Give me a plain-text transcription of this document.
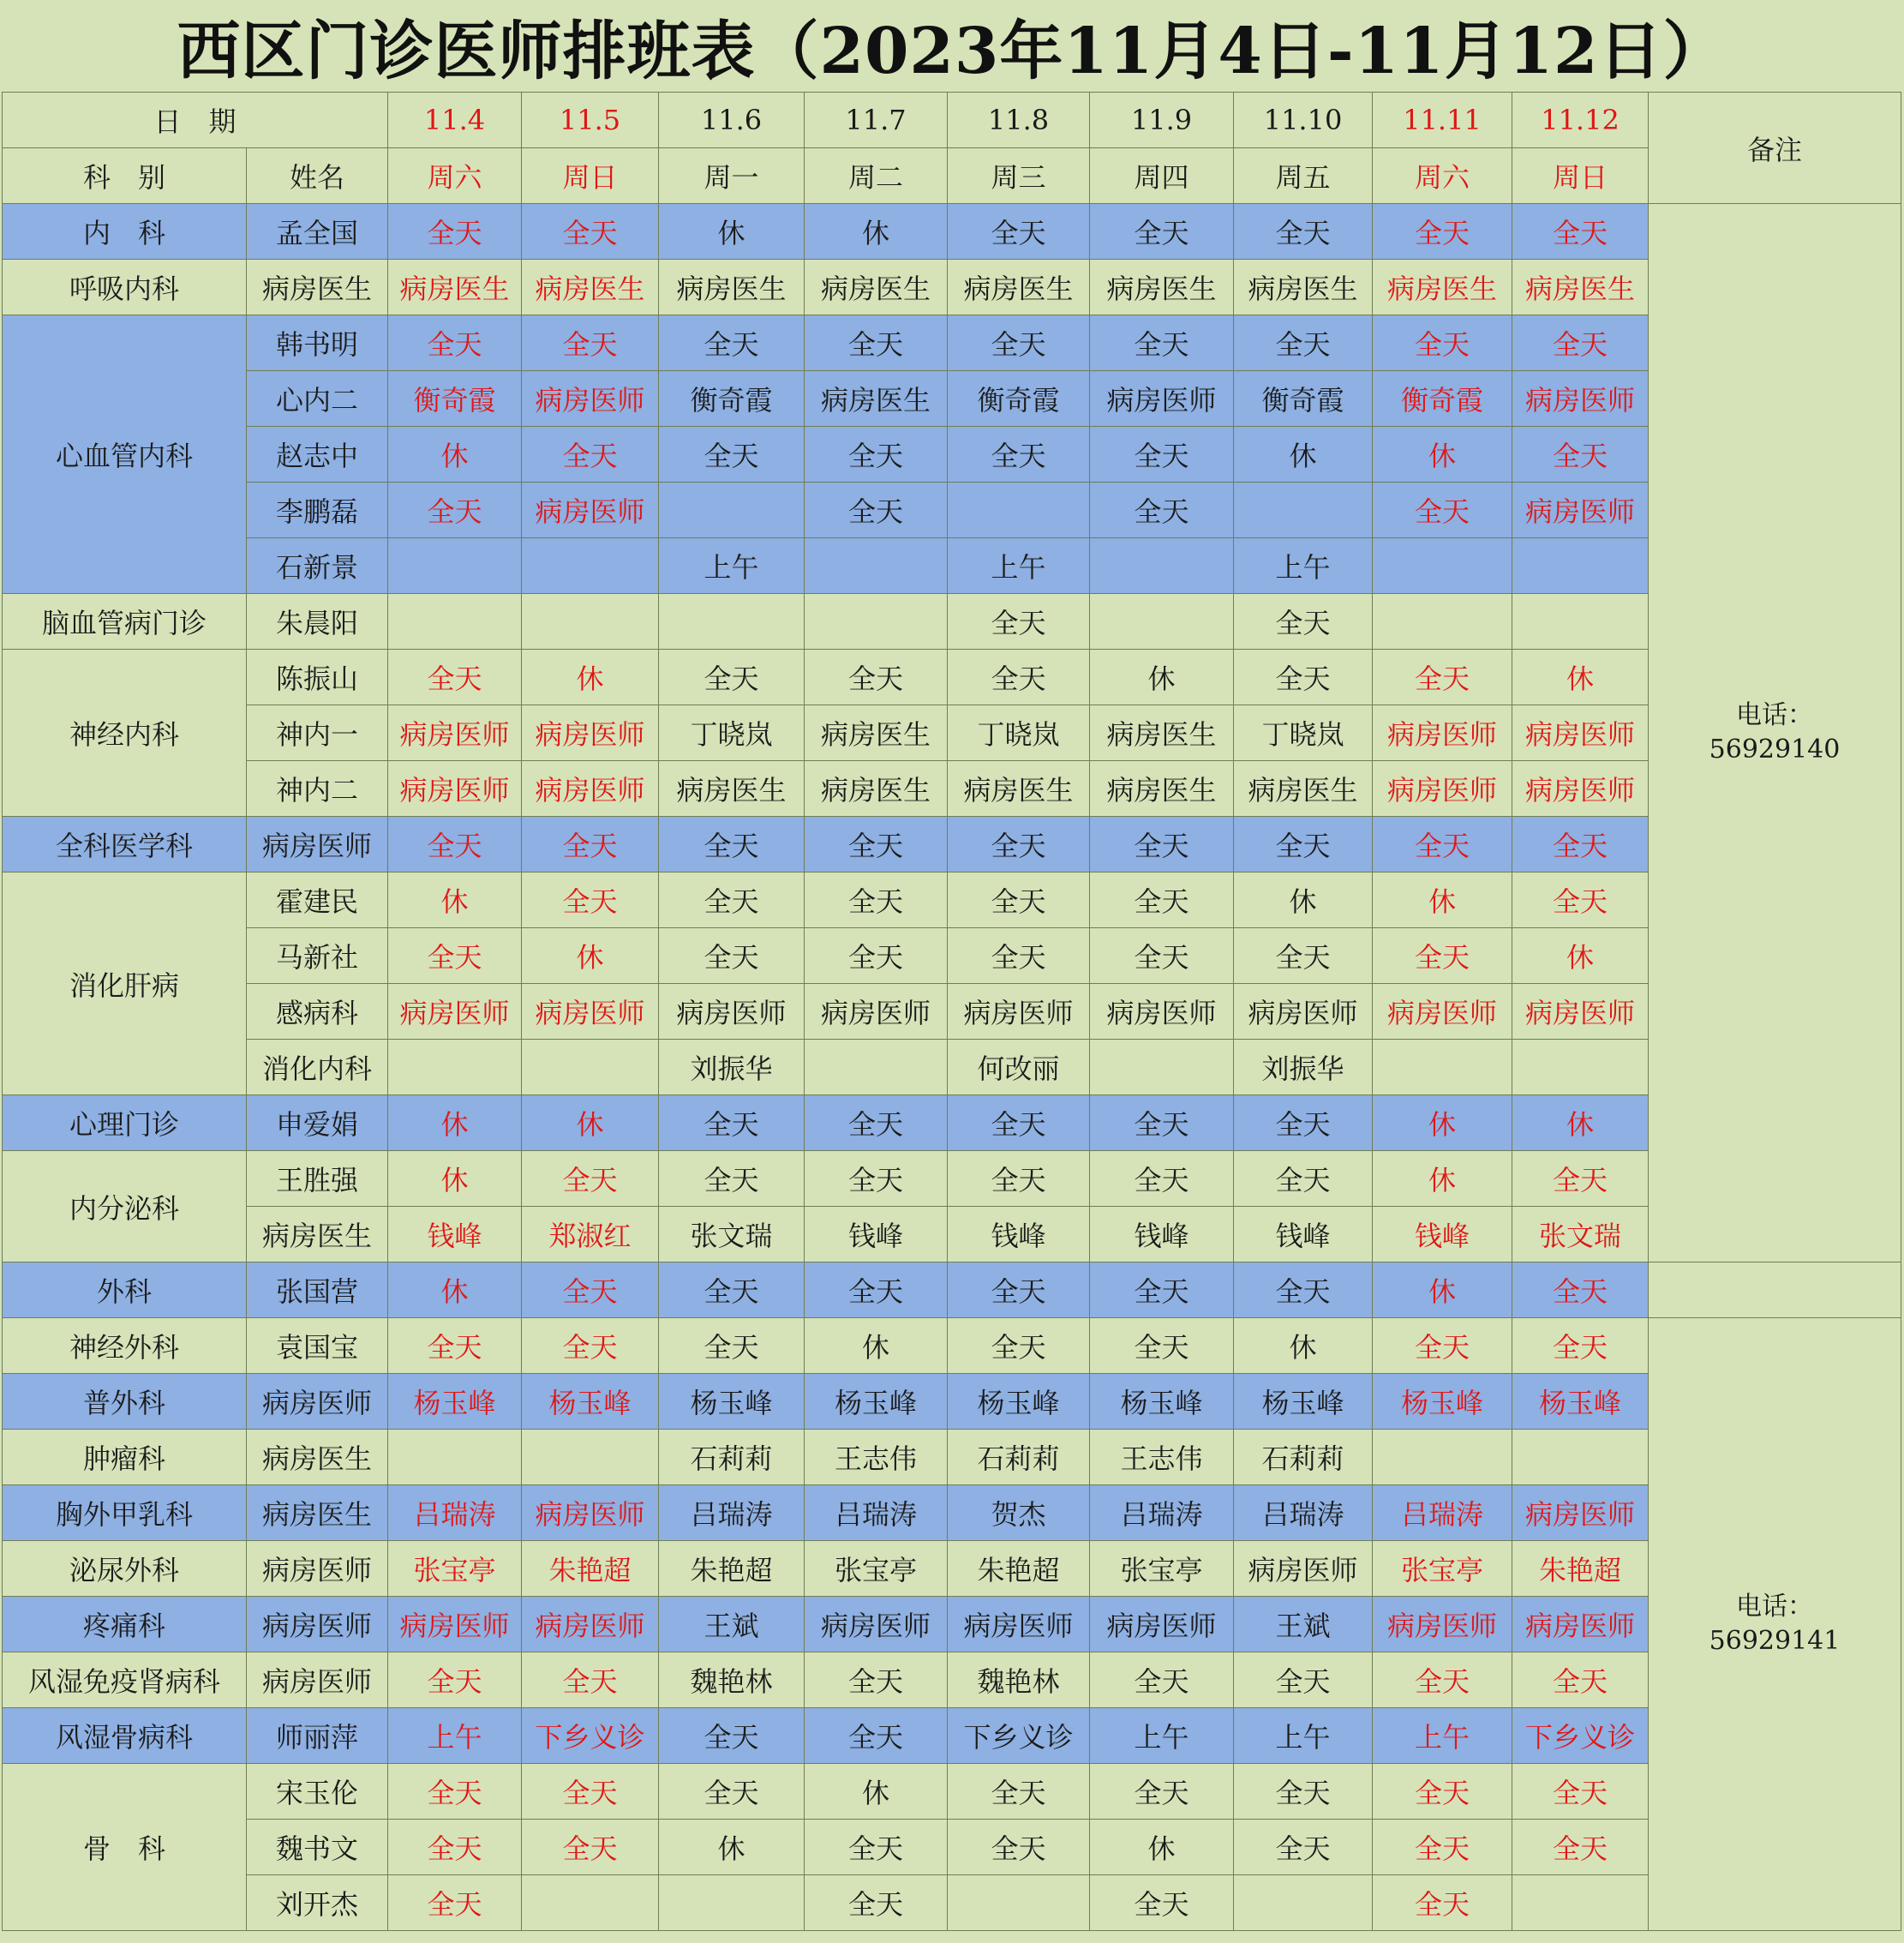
西区门诊医师排班表（2023年11月4日-11月12日）
日　期		11.4	11.5	11.6	11.7	11.8	11.9	11.10	11.11	11.12	备注
科　别	姓名	周六	周日	周一	周二	周三	周四	周五	周六	周日	
内　科	孟全国	全天	全天	休	休	全天	全天	全天	全天	全天	电话：
56929140
呼吸内科	病房医生	病房医生	病房医生	病房医生	病房医生	病房医生	病房医生	病房医生	病房医生	病房医生	
心血管内科	韩书明	全天	全天	全天	全天	全天	全天	全天	全天	全天	
	心内二	衡奇霞	病房医师	衡奇霞	病房医生	衡奇霞	病房医师	衡奇霞	衡奇霞	病房医师	
	赵志中	休	全天	全天	全天	全天	全天	休	休	全天	
	李鹏磊	全天	病房医师		全天		全天		全天	病房医师	
	石新景			上午		上午		上午			
脑血管病门诊	朱晨阳					全天		全天			
神经内科	陈振山	全天	休	全天	全天	全天	休	全天	全天	休	
	神内一	病房医师	病房医师	丁晓岚	病房医生	丁晓岚	病房医生	丁晓岚	病房医师	病房医师	
	神内二	病房医师	病房医师	病房医生	病房医生	病房医生	病房医生	病房医生	病房医师	病房医师	
全科医学科	病房医师	全天	全天	全天	全天	全天	全天	全天	全天	全天	
消化肝病	霍建民	休	全天	全天	全天	全天	全天	休	休	全天	
	马新社	全天	休	全天	全天	全天	全天	全天	全天	休	
	感病科	病房医师	病房医师	病房医师	病房医师	病房医师	病房医师	病房医师	病房医师	病房医师	
	消化内科			刘振华		何改丽		刘振华			
心理门诊	申爱娟	休	休	全天	全天	全天	全天	全天	休	休	
内分泌科	王胜强	休	全天	全天	全天	全天	全天	全天	休	全天	
	病房医生	钱峰	郑淑红	张文瑞	钱峰	钱峰	钱峰	钱峰	钱峰	张文瑞	
外科	张国营	休	全天	全天	全天	全天	全天	全天	休	全天	
神经外科	袁国宝	全天	全天	全天	休	全天	全天	休	全天	全天	电话：
56929141
普外科	病房医师	杨玉峰	杨玉峰	杨玉峰	杨玉峰	杨玉峰	杨玉峰	杨玉峰	杨玉峰	杨玉峰	
肿瘤科	病房医生			石莉莉	王志伟	石莉莉	王志伟	石莉莉			
胸外甲乳科	病房医生	吕瑞涛	病房医师	吕瑞涛	吕瑞涛	贺杰	吕瑞涛	吕瑞涛	吕瑞涛	病房医师	
泌尿外科	病房医师	张宝亭	朱艳超	朱艳超	张宝亭	朱艳超	张宝亭	病房医师	张宝亭	朱艳超	
疼痛科	病房医师	病房医师	病房医师	王斌	病房医师	病房医师	病房医师	王斌	病房医师	病房医师	
风湿免疫肾病科	病房医师	全天	全天	魏艳林	全天	魏艳林	全天	全天	全天	全天	
风湿骨病科	师丽萍	上午	下乡义诊	全天	全天	下乡义诊	上午	上午	上午	下乡义诊	
骨　科	宋玉伦	全天	全天	全天	休	全天	全天	全天	全天	全天	
	魏书文	全天	全天	休	全天	全天	休	全天	全天	全天	
	刘开杰	全天			全天		全天		全天		
